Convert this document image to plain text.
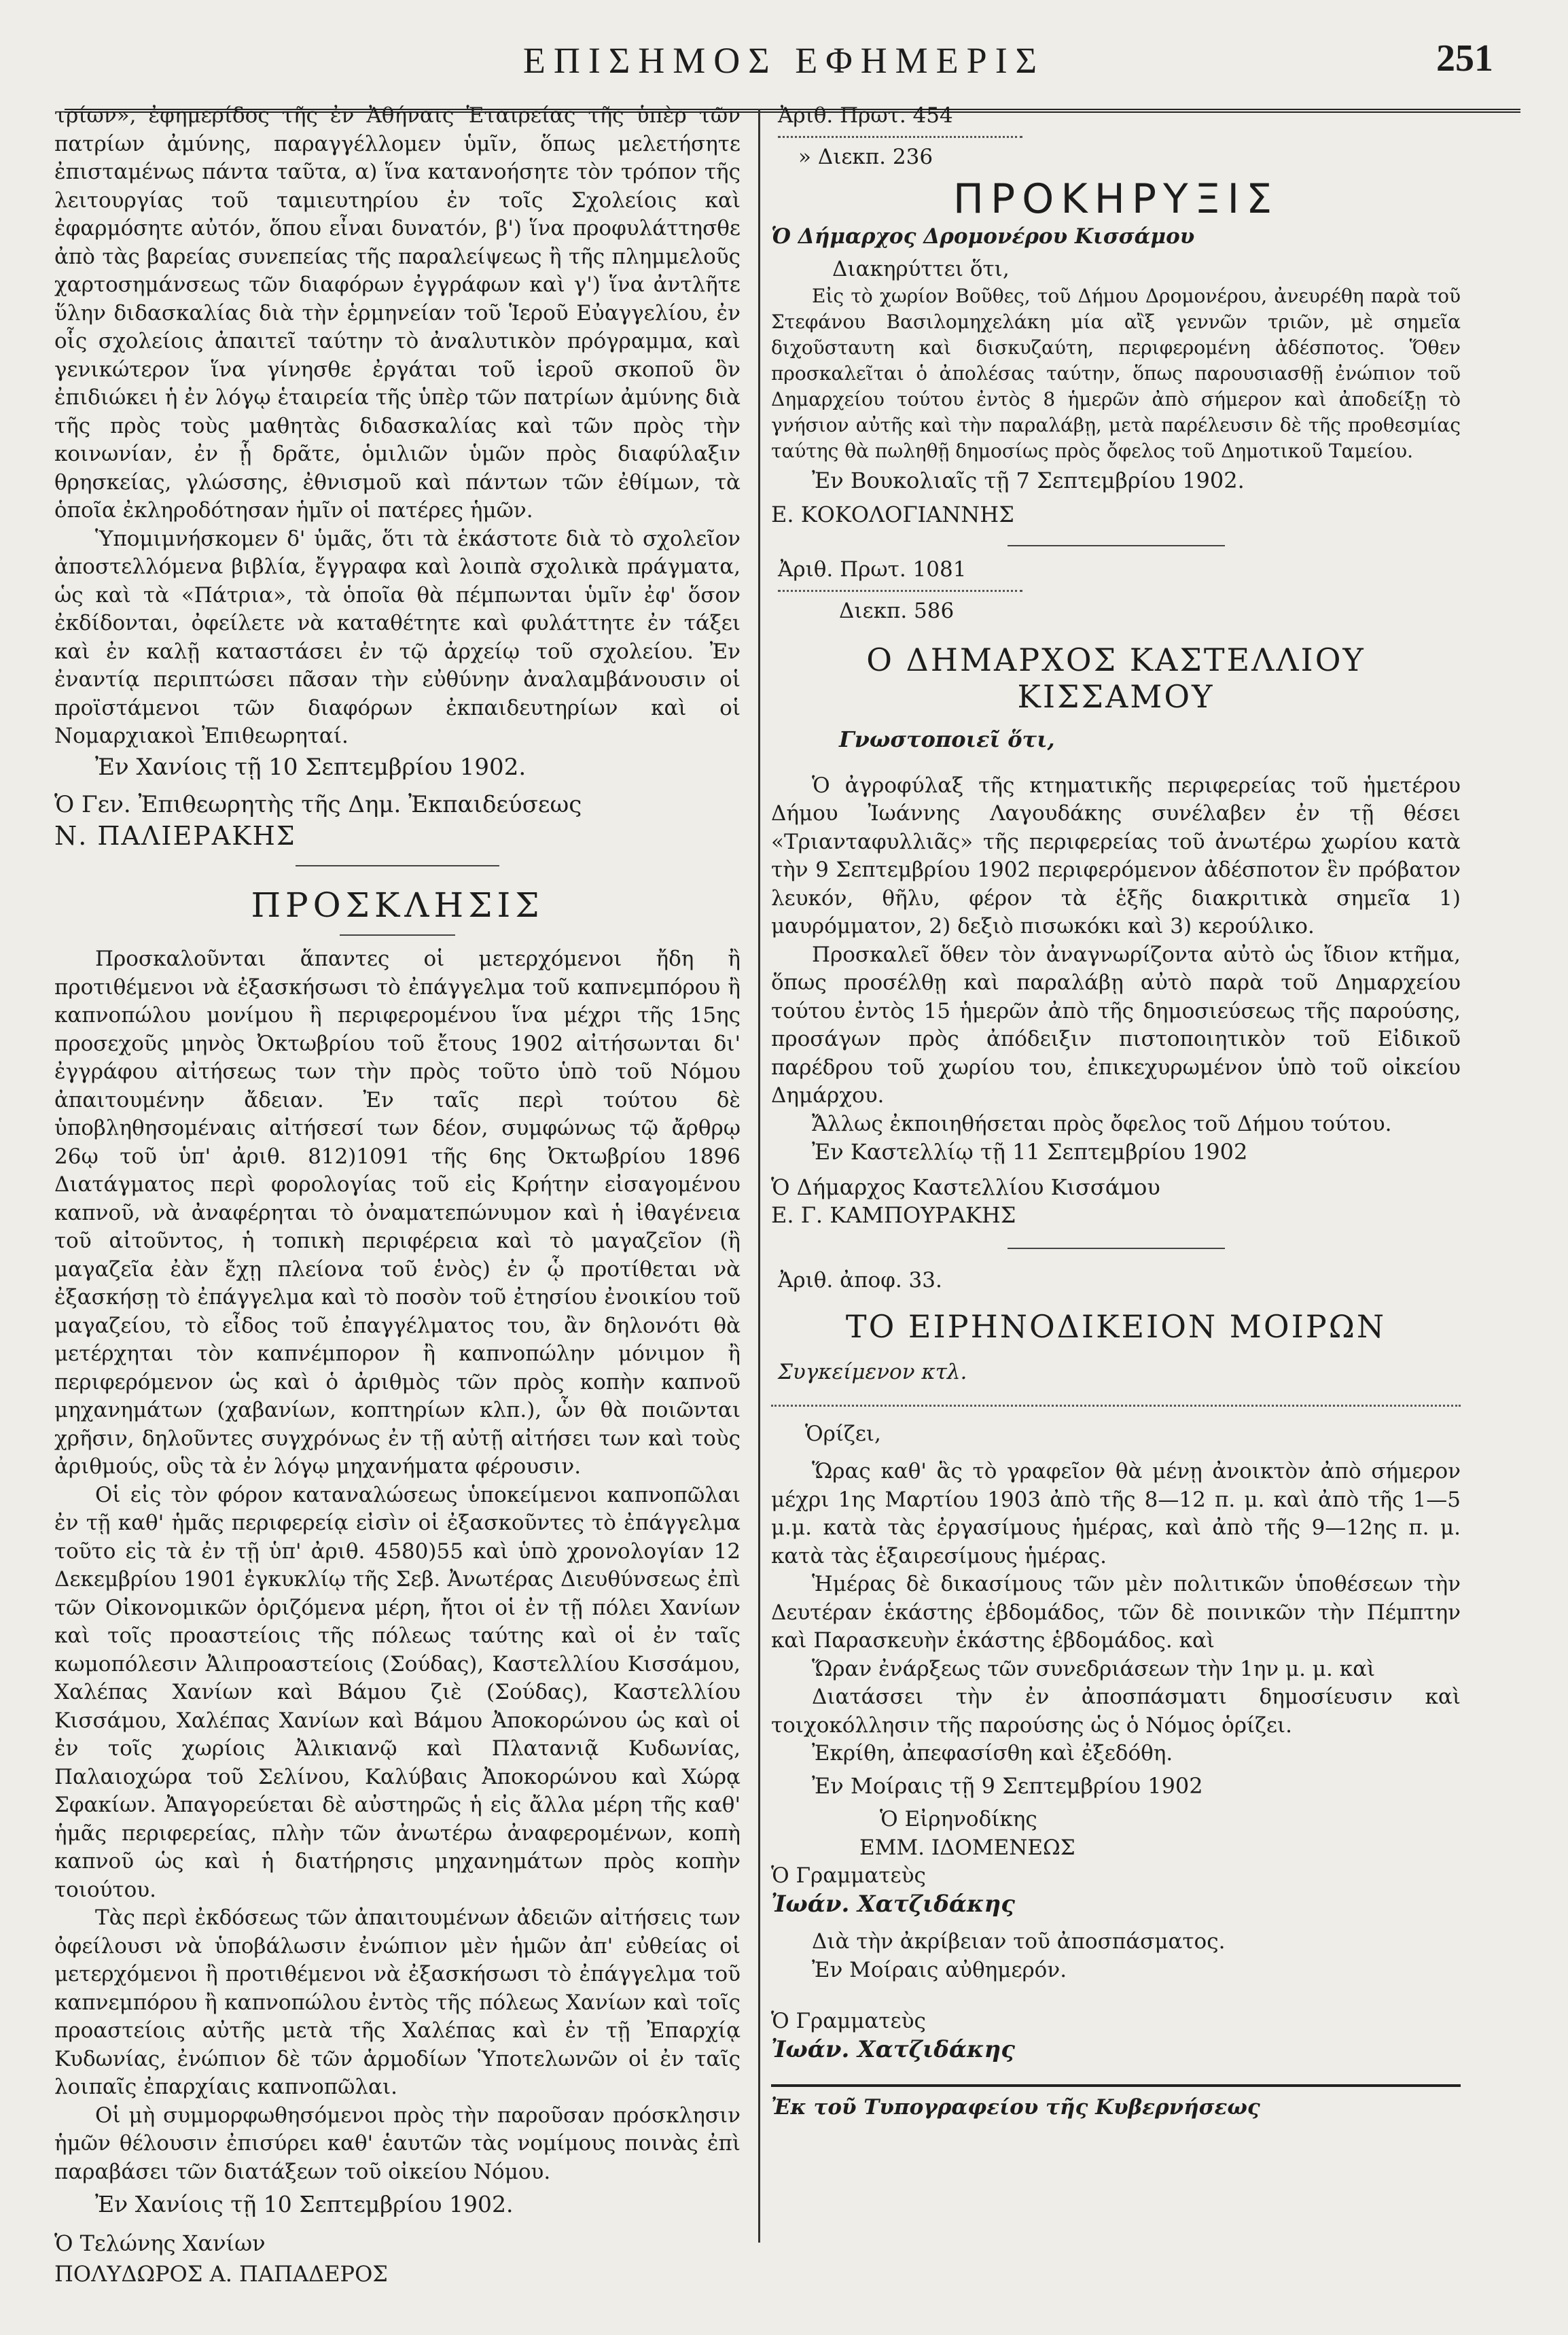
ΕΠΙΣΗΜΟΣ ΕΦΗΜΕΡΙΣ	251

τρίων», ἐφημερίδος τῆς ἐν Ἀθήναις Ἑταιρείας τῆς ὑπὲρ τῶν πατρίων ἀμύνης, παραγγέλλομεν ὑμῖν, ὅπως μελετήσητε ἐπισταμένως πάντα ταῦτα, α) ἵνα κατανοήσητε τὸν τρόπον τῆς λειτουργίας τοῦ ταμιευτηρίου ἐν τοῖς Σχολείοις καὶ ἐφαρμόσητε αὐτόν, ὅπου εἶναι δυνατόν, β') ἵνα προφυλάττησθε ἀπὸ τὰς βαρείας συνεπείας τῆς παραλείψεως ἢ τῆς πλημμελοῦς χαρτοσημάνσεως τῶν διαφόρων ἐγγράφων καὶ γ') ἵνα ἀντλῆτε ὕλην διδασκαλίας διὰ τὴν ἑρμηνείαν τοῦ Ἱεροῦ Εὐαγγελίου, ἐν οἷς σχολείοις ἀπαιτεῖ ταύτην τὸ ἀναλυτικὸν πρόγραμμα, καὶ γενικώτερον ἵνα γίνησθε ἐργάται τοῦ ἱεροῦ σκοποῦ ὃν ἐπιδιώκει ἡ ἐν λόγῳ ἑταιρεία τῆς ὑπὲρ τῶν πατρίων ἀμύνης διὰ τῆς πρὸς τοὺς μαθητὰς διδασκαλίας καὶ τῶν πρὸς τὴν κοινωνίαν, ἐν ᾗ δρᾶτε, ὁμιλιῶν ὑμῶν πρὸς διαφύλαξιν θρησκείας, γλώσσης, ἐθνισμοῦ καὶ πάντων τῶν ἐθίμων, τὰ ὁποῖα ἐκληροδότησαν ἡμῖν οἱ πατέρες ἡμῶν.

Ὑπομιμνήσκομεν δ' ὑμᾶς, ὅτι τὰ ἑκάστοτε διὰ τὸ σχολεῖον ἀποστελλόμενα βιβλία, ἔγγραφα καὶ λοιπὰ σχολικὰ πράγματα, ὡς καὶ τὰ «Πάτρια», τὰ ὁποῖα θὰ πέμπωνται ὑμῖν ἐφ' ὅσον ἐκδίδονται, ὀφείλετε νὰ καταθέτητε καὶ φυλάττητε ἐν τάξει καὶ ἐν καλῇ καταστάσει ἐν τῷ ἀρχείῳ τοῦ σχολείου. Ἐν ἐναντίᾳ περιπτώσει πᾶσαν τὴν εὐθύνην ἀναλαμβάνουσιν οἱ προϊστάμενοι τῶν διαφόρων ἐκπαιδευτηρίων καὶ οἱ Νομαρχιακοὶ Ἐπιθεωρηταί.

Ἐν Χανίοις τῇ 10 Σεπτεμβρίου 1902.

Ὁ Γεν. Ἐπιθεωρητὴς τῆς Δημ. Ἐκπαιδεύσεως

Ν. ΠΑΛΙΕΡΑΚΗΣ

ΠΡΟΣΚΛΗΣΙΣ

Προσκαλοῦνται ἅπαντες οἱ μετερχόμενοι ἤδη ἢ προτιθέμενοι νὰ ἐξασκήσωσι τὸ ἐπάγγελμα τοῦ καπνεμπόρου ἢ καπνοπώλου μονίμου ἢ περιφερομένου ἵνα μέχρι τῆς 15ης προσεχοῦς μηνὸς Ὀκτωβρίου τοῦ ἔτους 1902 αἰτήσωνται δι' ἐγγράφου αἰτήσεως των τὴν πρὸς τοῦτο ὑπὸ τοῦ Νόμου ἀπαιτουμένην ἄδειαν. Ἐν ταῖς περὶ τούτου δὲ ὑποβληθησομέναις αἰτήσεσί των δέον, συμφώνως τῷ ἄρθρῳ 26ῳ τοῦ ὑπ' ἀριθ. 812)1091 τῆς 6ης Ὀκτωβρίου 1896 Διατάγματος περὶ φορολογίας τοῦ εἰς Κρήτην εἰσαγομένου καπνοῦ, νὰ ἀναφέρηται τὸ ὀναματεπώνυμον καὶ ἡ ἰθαγένεια τοῦ αἰτοῦντος, ἡ τοπικὴ περιφέρεια καὶ τὸ μαγαζεῖον (ἢ μαγαζεῖα ἐὰν ἔχῃ πλείονα τοῦ ἑνὸς) ἐν ᾧ προτίθεται νὰ ἐξασκήσῃ τὸ ἐπάγγελμα καὶ τὸ ποσὸν τοῦ ἐτησίου ἐνοικίου τοῦ μαγαζείου, τὸ εἶδος τοῦ ἐπαγγέλματος του, ἂν δηλονότι θὰ μετέρχηται τὸν καπνέμπορον ἢ καπνοπώλην μόνιμον ἢ περιφερόμενον ὡς καὶ ὁ ἀριθμὸς τῶν πρὸς κοπὴν καπνοῦ μηχανημάτων (χαβανίων, κοπτηρίων κλπ.), ὧν θὰ ποιῶνται χρῆσιν, δηλοῦντες συγχρόνως ἐν τῇ αὐτῇ αἰτήσει των καὶ τοὺς ἀριθμούς, οὓς τὰ ἐν λόγῳ μηχανήματα φέρουσιν.

Οἱ εἰς τὸν φόρον καταναλώσεως ὑποκείμενοι καπνοπῶλαι ἐν τῇ καθ' ἡμᾶς περιφερείᾳ εἰσὶν οἱ ἐξασκοῦντες τὸ ἐπάγγελμα τοῦτο εἰς τὰ ἐν τῇ ὑπ' ἀριθ. 4580)55 καὶ ὑπὸ χρονολογίαν 12 Δεκεμβρίου 1901 ἐγκυκλίῳ τῆς Σεβ. Ἀνωτέρας Διευθύνσεως ἐπὶ τῶν Οἰκονομικῶν ὁριζόμενα μέρη, ἤτοι οἱ ἐν τῇ πόλει Χανίων καὶ τοῖς προαστείοις τῆς πόλεως ταύτης καὶ οἱ ἐν ταῖς κωμοπόλεσιν Ἀλιπροαστείοις (Σούδας), Καστελλίου Κισσάμου, Χαλέπας Χανίων καὶ Βάμου ζιὲ (Σούδας), Καστελλίου Κισσάμου, Χαλέπας Χανίων καὶ Βάμου Ἀποκορώνου ὡς καὶ οἱ ἐν τοῖς χωρίοις Ἀλικιανῷ καὶ Πλατανιᾷ Κυδωνίας, Παλαιοχώρα τοῦ Σελίνου, Καλύβαις Ἀποκορώνου καὶ Χώρᾳ Σφακίων. Ἀπαγορεύεται δὲ αὐστηρῶς ἡ εἰς ἄλλα μέρη τῆς καθ' ἡμᾶς περιφερείας, πλὴν τῶν ἀνωτέρω ἀναφερομένων, κοπὴ καπνοῦ ὡς καὶ ἡ διατήρησις μηχανημάτων πρὸς κοπὴν τοιούτου.

Τὰς περὶ ἐκδόσεως τῶν ἀπαιτουμένων ἀδειῶν αἰτήσεις των ὀφείλουσι νὰ ὑποβάλωσιν ἐνώπιον μὲν ἡμῶν ἀπ' εὐθείας οἱ μετερχόμενοι ἢ προτιθέμενοι νὰ ἐξασκήσωσι τὸ ἐπάγγελμα τοῦ καπνεμπόρου ἢ καπνοπώλου ἐντὸς τῆς πόλεως Χανίων καὶ τοῖς προαστείοις αὐτῆς μετὰ τῆς Χαλέπας καὶ ἐν τῇ Ἐπαρχίᾳ Κυδωνίας, ἐνώπιον δὲ τῶν ἁρμοδίων Ὑποτελωνῶν οἱ ἐν ταῖς λοιπαῖς ἐπαρχίαις καπνοπῶλαι.

Οἱ μὴ συμμορφωθησόμενοι πρὸς τὴν παροῦσαν πρόσκλησιν ἡμῶν θέλουσιν ἐπισύρει καθ' ἑαυτῶν τὰς νομίμους ποινὰς ἐπὶ παραβάσει τῶν διατάξεων τοῦ οἰκείου Νόμου.

Ἐν Χανίοις τῇ 10 Σεπτεμβρίου 1902.

Ὁ Τελώνης Χανίων

ΠΟΛΥΔΩΡΟΣ Α. ΠΑΠΑΔΕΡΟΣ

Ἀριθ. Πρωτ. 454

» Διεκπ. 236

ΠΡΟΚΗΡΥΞΙΣ

Ὁ Δήμαρχος Δρομονέρου Κισσάμου

Διακηρύττει ὅτι,

Εἰς τὸ χωρίον Βοῦθες, τοῦ Δήμου Δρομονέρου, ἀνευρέθη παρὰ τοῦ Στεφάνου Βασιλομηχελάκη μία αἲξ γεννῶν τριῶν, μὲ σημεῖα διχοῦσταυτη καὶ δισκυζαύτη, περιφερομένη ἀδέσποτος. Ὅθεν προσκαλεῖται ὁ ἀπολέσας ταύτην, ὅπως παρουσιασθῇ ἐνώπιον τοῦ Δημαρχείου τούτου ἐντὸς 8 ἡμερῶν ἀπὸ σήμερον καὶ ἀποδείξῃ τὸ γνήσιον αὐτῆς καὶ τὴν παραλάβῃ, μετὰ παρέλευσιν δὲ τῆς προθεσμίας ταύτης θὰ πωληθῇ δημοσίως πρὸς ὄφελος τοῦ Δημοτικοῦ Ταμείου.

Ἐν Βουκολιαῖς τῇ 7 Σεπτεμβρίου 1902.

Ε. ΚΟΚΟΛΟΓΙΑΝΝΗΣ

Ἀριθ. Πρωτ. 1081

Διεκπ. 586

Ο ΔΗΜΑΡΧΟΣ ΚΑΣΤΕΛΛΙΟΥ ΚΙΣΣΑΜΟΥ

Γνωστοποιεῖ ὅτι,

Ὁ ἀγροφύλαξ τῆς κτηματικῆς περιφερείας τοῦ ἡμετέρου Δήμου Ἰωάννης Λαγουδάκης συνέλαβεν ἐν τῇ θέσει «Τριανταφυλλιᾶς» τῆς περιφερείας τοῦ ἀνωτέρω χωρίου κατὰ τὴν 9 Σεπτεμβρίου 1902 περιφερόμενον ἀδέσποτον ἓν πρόβατον λευκόν, θῆλυ, φέρον τὰ ἑξῆς διακριτικὰ σημεῖα 1) μαυρόμματον, 2) δεξιὸ πισωκόκι καὶ 3) κερούλικο.

Προσκαλεῖ ὅθεν τὸν ἀναγνωρίζοντα αὐτὸ ὡς ἴδιον κτῆμα, ὅπως προσέλθῃ καὶ παραλάβῃ αὐτὸ παρὰ τοῦ Δημαρχείου τούτου ἐντὸς 15 ἡμερῶν ἀπὸ τῆς δημοσιεύσεως τῆς παρούσης, προσάγων πρὸς ἀπόδειξιν πιστοποιητικὸν τοῦ Εἰδικοῦ παρέδρου τοῦ χωρίου του, ἐπικεχυρωμένον ὑπὸ τοῦ οἰκείου Δημάρχου.

Ἄλλως ἐκποιηθήσεται πρὸς ὄφελος τοῦ Δήμου τούτου.

Ἐν Καστελλίῳ τῇ 11 Σεπτεμβρίου 1902

Ὁ Δήμαρχος Καστελλίου Κισσάμου

Ε. Γ. ΚΑΜΠΟΥΡΑΚΗΣ

Ἀριθ. ἀποφ. 33.

ΤΟ ΕΙΡΗΝΟΔΙΚΕΙΟΝ ΜΟΙΡΩΝ

Συγκείμενον κτλ.

Ὁρίζει,

Ὥρας καθ' ἃς τὸ γραφεῖον θὰ μένῃ ἀνοικτὸν ἀπὸ σήμερον μέχρι 1ης Μαρτίου 1903 ἀπὸ τῆς 8—12 π. μ. καὶ ἀπὸ τῆς 1—5 μ.μ. κατὰ τὰς ἐργασίμους ἡμέρας, καὶ ἀπὸ τῆς 9—12ης π. μ. κατὰ τὰς ἑξαιρεσίμους ἡμέρας.

Ἡμέρας δὲ δικασίμους τῶν μὲν πολιτικῶν ὑποθέσεων τὴν Δευτέραν ἑκάστης ἑβδομάδος, τῶν δὲ ποινικῶν τὴν Πέμπτην καὶ Παρασκευὴν ἑκάστης ἑβδομάδος. καὶ

Ὥραν ἐνάρξεως τῶν συνεδριάσεων τὴν 1ην μ. μ. καὶ

Διατάσσει τὴν ἐν ἀποσπάσματι δημοσίευσιν καὶ τοιχοκόλλησιν τῆς παρούσης ὡς ὁ Νόμος ὁρίζει.

Ἐκρίθη, ἀπεφασίσθη καὶ ἐξεδόθη.

Ἐν Μοίραις τῇ 9 Σεπτεμβρίου 1902

Ὁ Εἰρηνοδίκης

ΕΜΜ. ΙΔΟΜΕΝΕΩΣ

Ὁ Γραμματεὺς

Ἰωάν. Χατζιδάκης

Διὰ τὴν ἀκρίβειαν τοῦ ἀποσπάσματος.

Ἐν Μοίραις αὐθημερόν.

Ὁ Γραμματεὺς

Ἰωάν. Χατζιδάκης

Ἐκ τοῦ Τυπογραφείου τῆς Κυβερνήσεως
